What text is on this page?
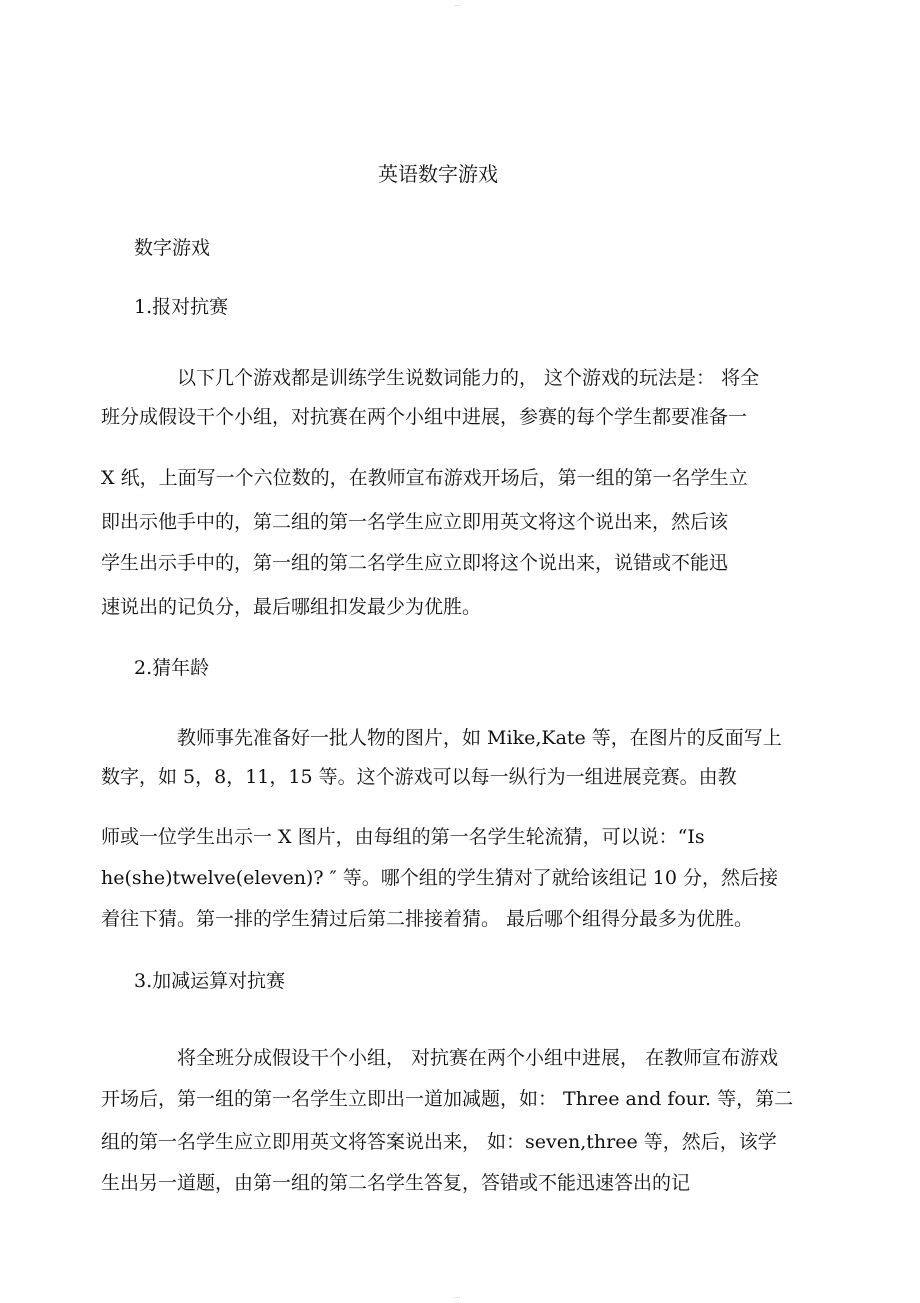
...
英语数字游戏
数字游戏
1.报对抗赛
以下几个游戏都是训练学生说数词能力的， 这个游戏的玩法是： 将全
班分成假设干个小组，对抗赛在两个小组中进展，参赛的每个学生都要准备一
X 纸，上面写一个六位数的，在教师宣布游戏开场后，第一组的第一名学生立
即出示他手中的，第二组的第一名学生应立即用英文将这个说出来，然后该
学生出示手中的，第一组的第二名学生应立即将这个说出来，说错或不能迅
速说出的记负分，最后哪组扣发最少为优胜。
2.猜年龄
教师事先准备好一批人物的图片，如 Mike,Kate 等，在图片的反面写上
数字，如 5，8，11，15 等。这个游戏可以每一纵行为一组进展竞赛。由教
师或一位学生出示一 X 图片，由每组的第一名学生轮流猜，可以说：“Is
he(she)twelve(eleven)? ″ 等。哪个组的学生猜对了就给该组记 10 分，然后接
着往下猜。第一排的学生猜过后第二排接着猜。 最后哪个组得分最多为优胜。
3.加减运算对抗赛
将全班分成假设干个小组， 对抗赛在两个小组中进展， 在教师宣布游戏
开场后，第一组的第一名学生立即出一道加减题，如： Three and four. 等，第二
组的第一名学生应立即用英文将答案说出来， 如：seven,three 等，然后，该学
生出另一道题，由第一组的第二名学生答复，答错或不能迅速答出的记
...
